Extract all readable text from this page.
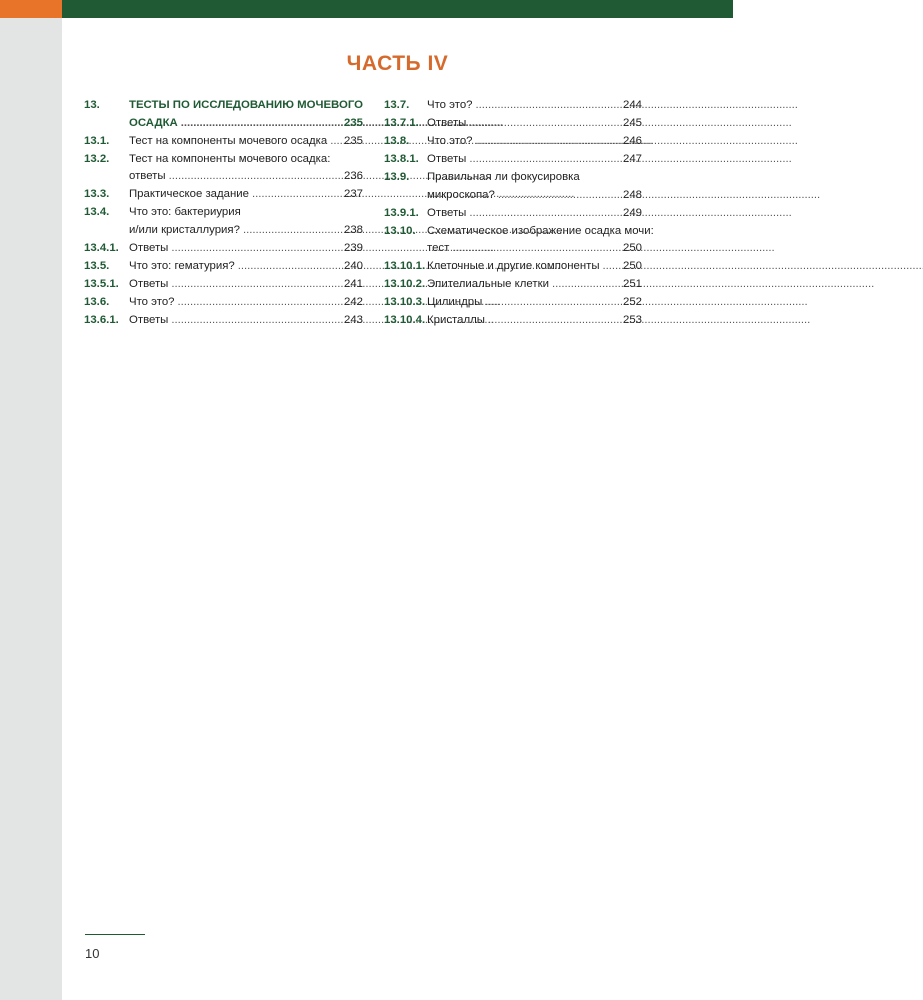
ЧАСТЬ IV
13.	ТЕСТЫ ПО ИССЛЕДОВАНИЮ МОЧЕВОГО
ОСАДКА . . .	235
13.1.	Тест на компоненты мочевого осадка . . . 235
13.2.	Тест на компоненты мочевого осадка:
ответы . . .	236
13.3.	Практическое задание . . .	237
13.4.	Что это: бактериурия
и/или кристаллурия? . . .	238
13.4.1. Ответы . . .	239
13.5.	Что это: гематурия? . . .	240
13.5.1. Ответы . . .	241
13.6.	Что это? . . .	242
13.6.1. Ответы . . .	243
13.7.	Что это? . . .	244
13.7.1. Ответы . . .	245
13.8.	Что это? . . .	246
13.8.1. Ответы . . .	247
13.9.	Правильная ли фокусировка
микроскопа? . . .	248
13.9.1. Ответы . . .	249
13.10. Схематическое изображение осадка мочи:
тест . . .	250
13.10.1. Клеточные и другие компоненты . . . 250
13.10.2. Эпителиальные клетки . . .	251
13.10.3. Цилиндры . . .	252
13.10.4. Кристаллы . . .	253
10
